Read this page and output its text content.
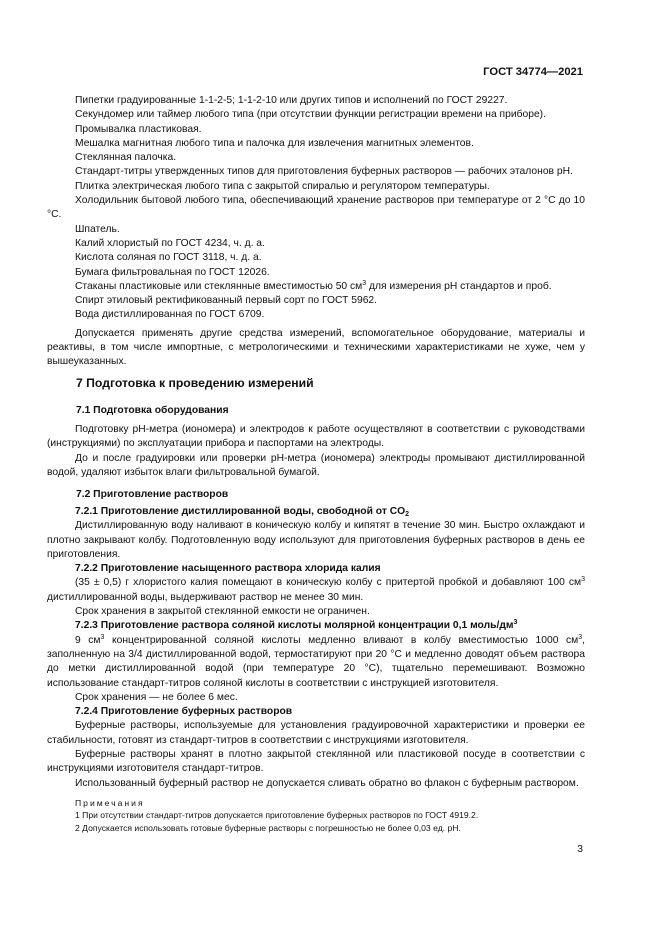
ГОСТ 34774—2021

Пипетки градуированные 1-1-2-5; 1-1-2-10 или других типов и исполнений по ГОСТ 29227.

Секундомер или таймер любого типа (при отсутствии функции регистрации времени на приборе).

Промывалка пластиковая.

Мешалка магнитная любого типа и палочка для извлечения магнитных элементов.

Стеклянная палочка.

Стандарт-титры утвержденных типов для приготовления буферных растворов — рабочих эталонов pH.

Плитка электрическая любого типа с закрытой спиралью и регулятором температуры.

Холодильник бытовой любого типа, обеспечивающий хранение растворов при температуре от 2 °С до 10 °С.

Шпатель.

Калий хлористый по ГОСТ 4234, ч. д. а.

Кислота соляная по ГОСТ 3118, ч. д. а.

Бумага фильтровальная по ГОСТ 12026.

Стаканы пластиковые или стеклянные вместимостью 50 $см^3$ для измерения pH стандартов и проб.

Спирт этиловый ректификованный первый сорт по ГОСТ 5962.

Вода дистиллированная по ГОСТ 6709.

Допускается применять другие средства измерений, вспомогательное оборудование, материалы и реактивы, в том числе импортные, с метрологическими и техническими характеристиками не хуже, чем у вышеуказанных.

7 Подготовка к проведению измерений
7.1 Подготовка оборудования

Подготовку pH-метра (иономера) и электродов к работе осуществляют в соответствии с руководствами (инструкциями) по эксплуатации прибора и паспортами на электроды.

До и после градуировки или проверки pH-метра (иономера) электроды промывают дистиллированной водой, удаляют избыток влаги фильтровальной бумагой.

7.2 Приготовление растворов

7.2.1 Приготовление дистиллированной воды, свободной от $CO_2$

Дистиллированную воду наливают в коническую колбу и кипятят в течение 30 мин. Быстро охлаждают и плотно закрывают колбу. Подготовленную воду используют для приготовления буферных растворов в день ее приготовления.

7.2.2 Приготовление насыщенного раствора хлорида калия

(35 ± 0,5) г хлористого калия помещают в коническую колбу с притертой пробкой и добавляют 100 $см^3$ дистиллированной воды, выдерживают раствор не менее 30 мин.

Срок хранения в закрытой стеклянной емкости не ограничен.

7.2.3 Приготовление раствора соляной кислоты молярной концентрации 0,1 моль/$дм^3$

9 $см^3$ концентрированной соляной кислоты медленно вливают в колбу вместимостью 1000 $см^3$, заполненную на 3/4 дистиллированной водой, термостатируют при 20 °С и медленно доводят объем раствора до метки дистиллированной водой (при температуре 20 °С), тщательно перемешивают. Возможно использование стандарт-титров соляной кислоты в соответствии с инструкцией изготовителя.

Срок хранения — не более 6 мес.

7.2.4 Приготовление буферных растворов

Буферные растворы, используемые для установления градуировочной характеристики и проверки ее стабильности, готовят из стандарт-титров в соответствии с инструкциями изготовителя.

Буферные растворы хранят в плотно закрытой стеклянной или пластиковой посуде в соответствии с инструкциями изготовителя стандарт-титров.

Использованный буферный раствор не допускается сливать обратно во флакон с буферным раствором.

Примечания

1 При отсутствии стандарт-титров допускается приготовление буферных растворов по ГОСТ 4919.2.

2 Допускается использовать готовые буферные растворы с погрешностью не более 0,03 ед. pH.

3
